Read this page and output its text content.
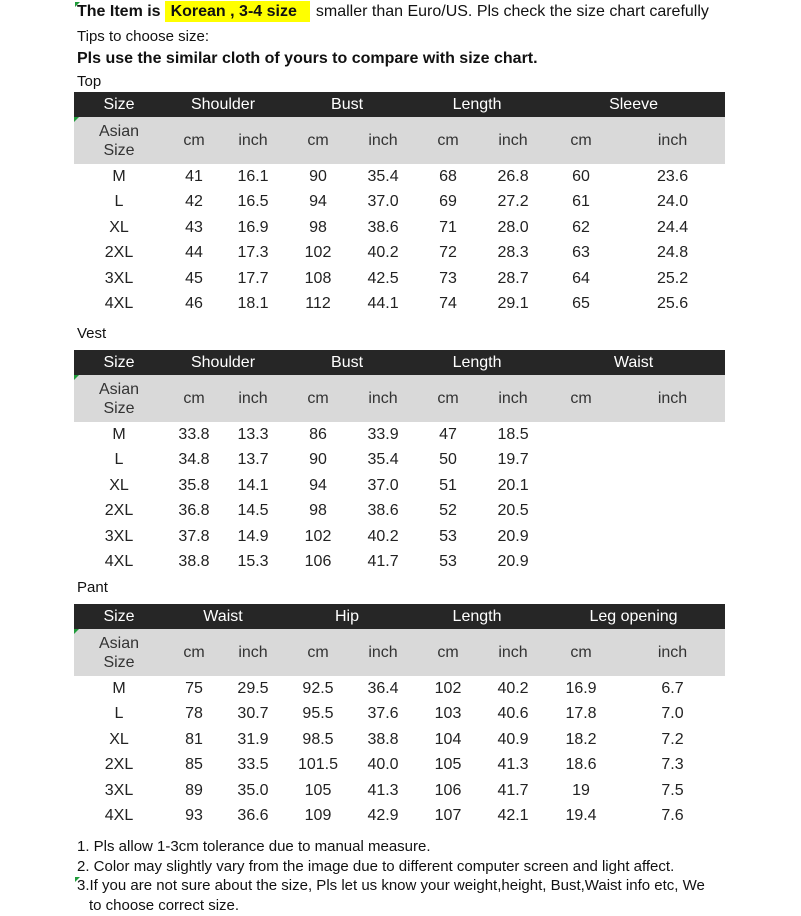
The Item is Korean , 3-4 size smaller than Euro/US. Pls check the size chart carefully
Tips to choose size:
Pls use the similar cloth of yours to compare with size chart.
Top
Size	Shoulder		Bust		Length		Sleeve	

Asian Size	cm	inch	cm	inch	cm	inch	cm	inch
M	41	16.1	90	35.4	68	26.8	60	23.6
L	42	16.5	94	37.0	69	27.2	61	24.0
XL	43	16.9	98	38.6	71	28.0	62	24.4
2XL	44	17.3	102	40.2	72	28.3	63	24.8
3XL	45	17.7	108	42.5	73	28.7	64	25.2
4XL	46	18.1	112	44.1	74	29.1	65	25.6
Vest
Size	Shoulder		Bust		Length		Waist	

Asian Size	cm	inch	cm	inch	cm	inch	cm	inch
M	33.8	13.3	86	33.9	47	18.5		
L	34.8	13.7	90	35.4	50	19.7		
XL	35.8	14.1	94	37.0	51	20.1		
2XL	36.8	14.5	98	38.6	52	20.5		
3XL	37.8	14.9	102	40.2	53	20.9		
4XL	38.8	15.3	106	41.7	53	20.9		
Pant
Size	Waist		Hip		Length		Leg opening	

Asian Size	cm	inch	cm	inch	cm	inch	cm	inch
M	75	29.5	92.5	36.4	102	40.2	16.9	6.7
L	78	30.7	95.5	37.6	103	40.6	17.8	7.0
XL	81	31.9	98.5	38.8	104	40.9	18.2	7.2
2XL	85	33.5	101.5	40.0	105	41.3	18.6	7.3
3XL	89	35.0	105	41.3	106	41.7	19	7.5
4XL	93	36.6	109	42.9	107	42.1	19.4	7.6
1. Pls allow 1-3cm tolerance due to manual measure.
2. Color may slightly vary from the image due to different computer screen and light affect.
3.If you are not sure about the size, Pls let us know your weight,height, Bust,Waist info etc, We
to choose correct size.
